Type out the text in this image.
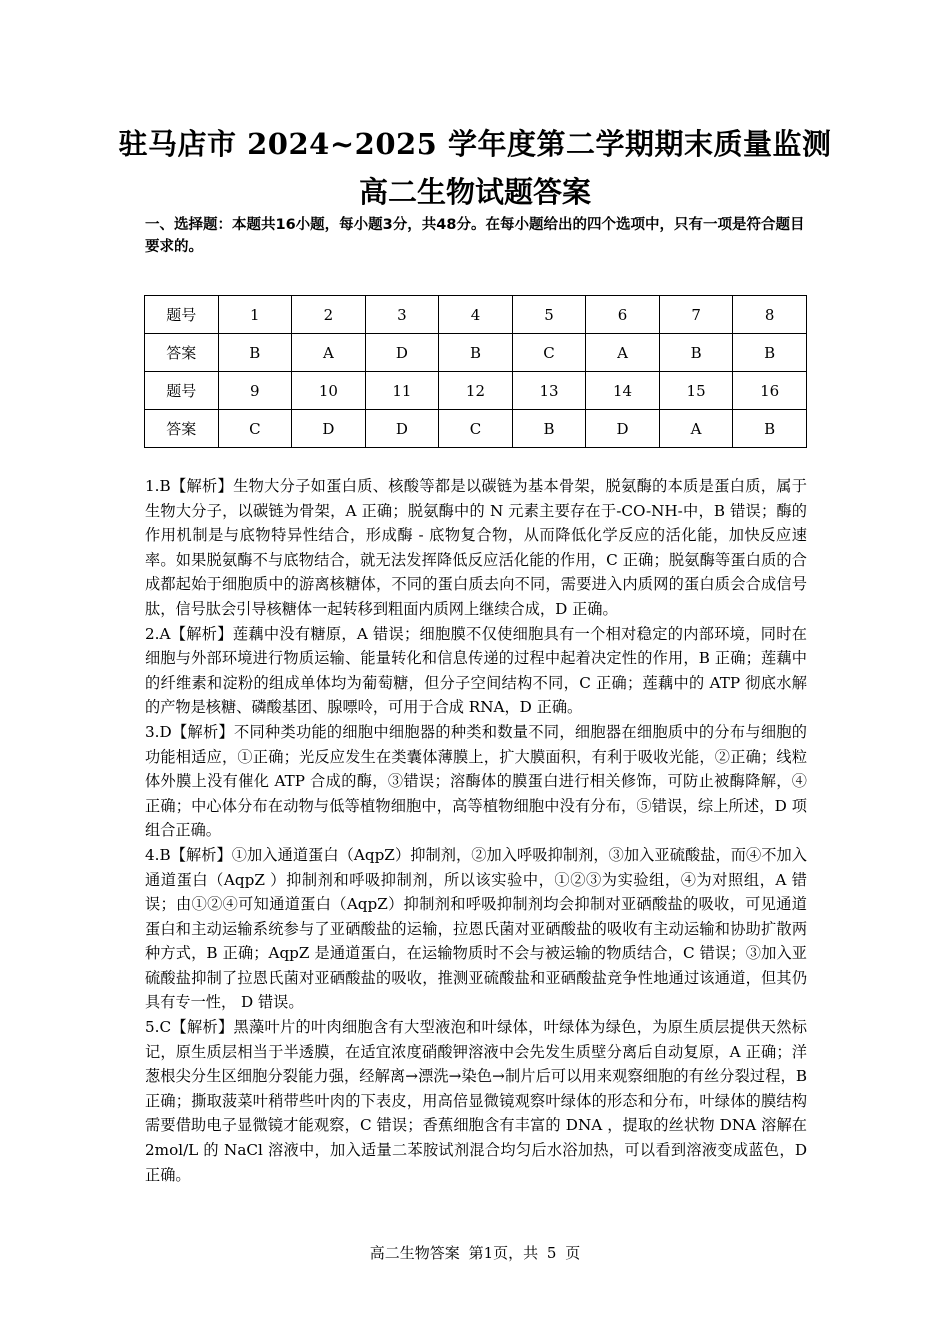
驻马店市 2024~2025 学年度第二学期期末质量监测
高二生物试题答案
一、选择题：本题共16小题，每小题3分，共48分。在每小题给出的四个选项中，只有一项是符合题目要求的。
题号	1	2	3	4	5	6	7	8
答案	B	A	D	B	C	A	B	B
题号	9	10	11	12	13	14	15	16
答案	C	D	D	C	B	D	A	B

1.B【解析】生物大分子如蛋白质、核酸等都是以碳链为基本骨架，脱氨酶的本质是蛋白质，属于生物大分子，以碳链为骨架，A 正确；脱氨酶中的 N 元素主要存在于-CO-NH-中，B 错误；酶的作用机制是与底物特异性结合，形成酶 - 底物复合物，从而降低化学反应的活化能，加快反应速率。如果脱氨酶不与底物结合，就无法发挥降低反应活化能的作用，C 正确；脱氨酶等蛋白质的合成都起始于细胞质中的游离核糖体，不同的蛋白质去向不同，需要进入内质网的蛋白质会合成信号肽，信号肽会引导核糖体一起转移到粗面内质网上继续合成，D 正确。

2.A【解析】莲藕中没有糖原，A 错误；细胞膜不仅使细胞具有一个相对稳定的内部环境，同时在细胞与外部环境进行物质运输、能量转化和信息传递的过程中起着决定性的作用，B 正确；莲藕中的纤维素和淀粉的组成单体均为葡萄糖，但分子空间结构不同，C 正确；莲藕中的 ATP 彻底水解的产物是核糖、磷酸基团、腺嘌呤，可用于合成 RNA，D 正确。

3.D【解析】不同种类功能的细胞中细胞器的种类和数量不同，细胞器在细胞质中的分布与细胞的功能相适应，①正确；光反应发生在类囊体薄膜上，扩大膜面积，有利于吸收光能，②正确；线粒体外膜上没有催化 ATP 合成的酶，③错误；溶酶体的膜蛋白进行相关修饰，可防止被酶降解，④正确；中心体分布在动物与低等植物细胞中，高等植物细胞中没有分布，⑤错误，综上所述，D 项组合正确。

4.B【解析】①加入通道蛋白（AqpZ）抑制剂，②加入呼吸抑制剂，③加入亚硫酸盐，而④不加入通道蛋白（AqpZ ）抑制剂和呼吸抑制剂，所以该实验中，①②③为实验组，④为对照组，A 错误；由①②④可知通道蛋白（AqpZ）抑制剂和呼吸抑制剂均会抑制对亚硒酸盐的吸收，可见通道蛋白和主动运输系统参与了亚硒酸盐的运输，拉恩氏菌对亚硒酸盐的吸收有主动运输和协助扩散两种方式，B 正确；AqpZ 是通道蛋白，在运输物质时不会与被运输的物质结合，C 错误；③加入亚硫酸盐抑制了拉恩氏菌对亚硒酸盐的吸收，推测亚硫酸盐和亚硒酸盐竞争性地通过该通道，但其仍具有专一性， D 错误。

5.C【解析】黑藻叶片的叶肉细胞含有大型液泡和叶绿体，叶绿体为绿色，为原生质层提供天然标记，原生质层相当于半透膜，在适宜浓度硝酸钾溶液中会先发生质壁分离后自动复原，A 正确；洋葱根尖分生区细胞分裂能力强，经解离→漂洗→染色→制片后可以用来观察细胞的有丝分裂过程，B 正确；撕取菠菜叶稍带些叶肉的下表皮，用高倍显微镜观察叶绿体的形态和分布，叶绿体的膜结构需要借助电子显微镜才能观察，C 错误；香蕉细胞含有丰富的 DNA ，提取的丝状物 DNA 溶解在 2mol/L 的 NaCl 溶液中，加入适量二苯胺试剂混合均匀后水浴加热，可以看到溶液变成蓝色，D 正确。

高二生物答案 第1页，共 5 页
